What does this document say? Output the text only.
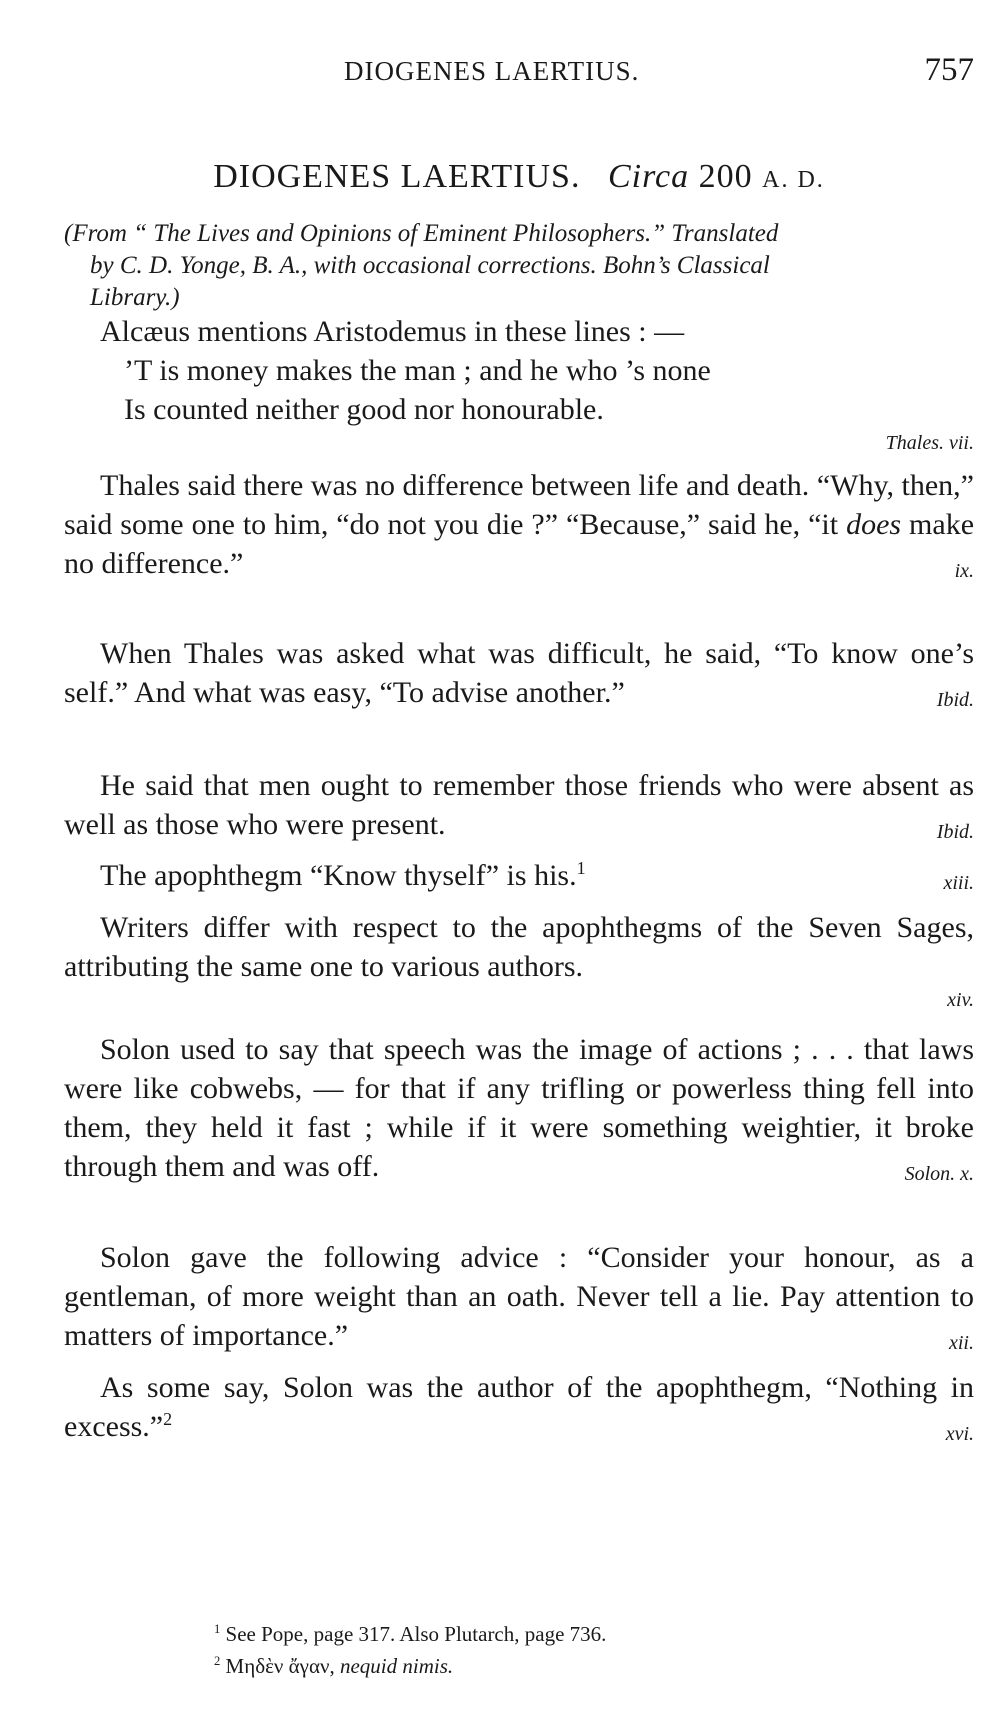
DIOGENES LAERTIUS.	757
DIOGENES LAERTIUS. Circa 200 A. D.
(From “ The Lives and Opinions of Eminent Philosophers.” Translated
by C. D. Yonge, B. A., with occasional corrections. Bohn’s Classical
Library.)

Alcæus mentions Aristodemus in these lines : —

’T is money makes the man ; and he who ’s none

Is counted neither good nor honourable.

Thales. vii.

Thales said there was no difference between life and death. “Why, then,” said some one to him, “do not you die ?” “Because,” said he, “it does make no difference.”	ix.

When Thales was asked what was difficult, he said, “To know one’s self.” And what was easy, “To advise another.”	Ibid.

He said that men ought to remember those friends who were absent as well as those who were present.	Ibid.

The apophthegm “Know thyself” is his.$^1$
xiii.

Writers differ with respect to the apophthegms of the Seven Sages, attributing the same one to various authors.

xiv.

Solon used to say that speech was the image of actions ; . . . that laws were like cobwebs, — for that if any trifling or powerless thing fell into them, they held it fast ; while if it were something weightier, it broke through them and was off.	Solon. x.

Solon gave the following advice : “Consider your honour, as a gentleman, of more weight than an oath. Never tell a lie. Pay attention to matters of importance.”	xii.

As some say, Solon was the author of the apophthegm, “Nothing in excess.”$^2$
xvi.

$^1$ See Pope, page 317. Also Plutarch, page 736.
$^2$ Μηδὲν ἄγαν, nequid nimis.
